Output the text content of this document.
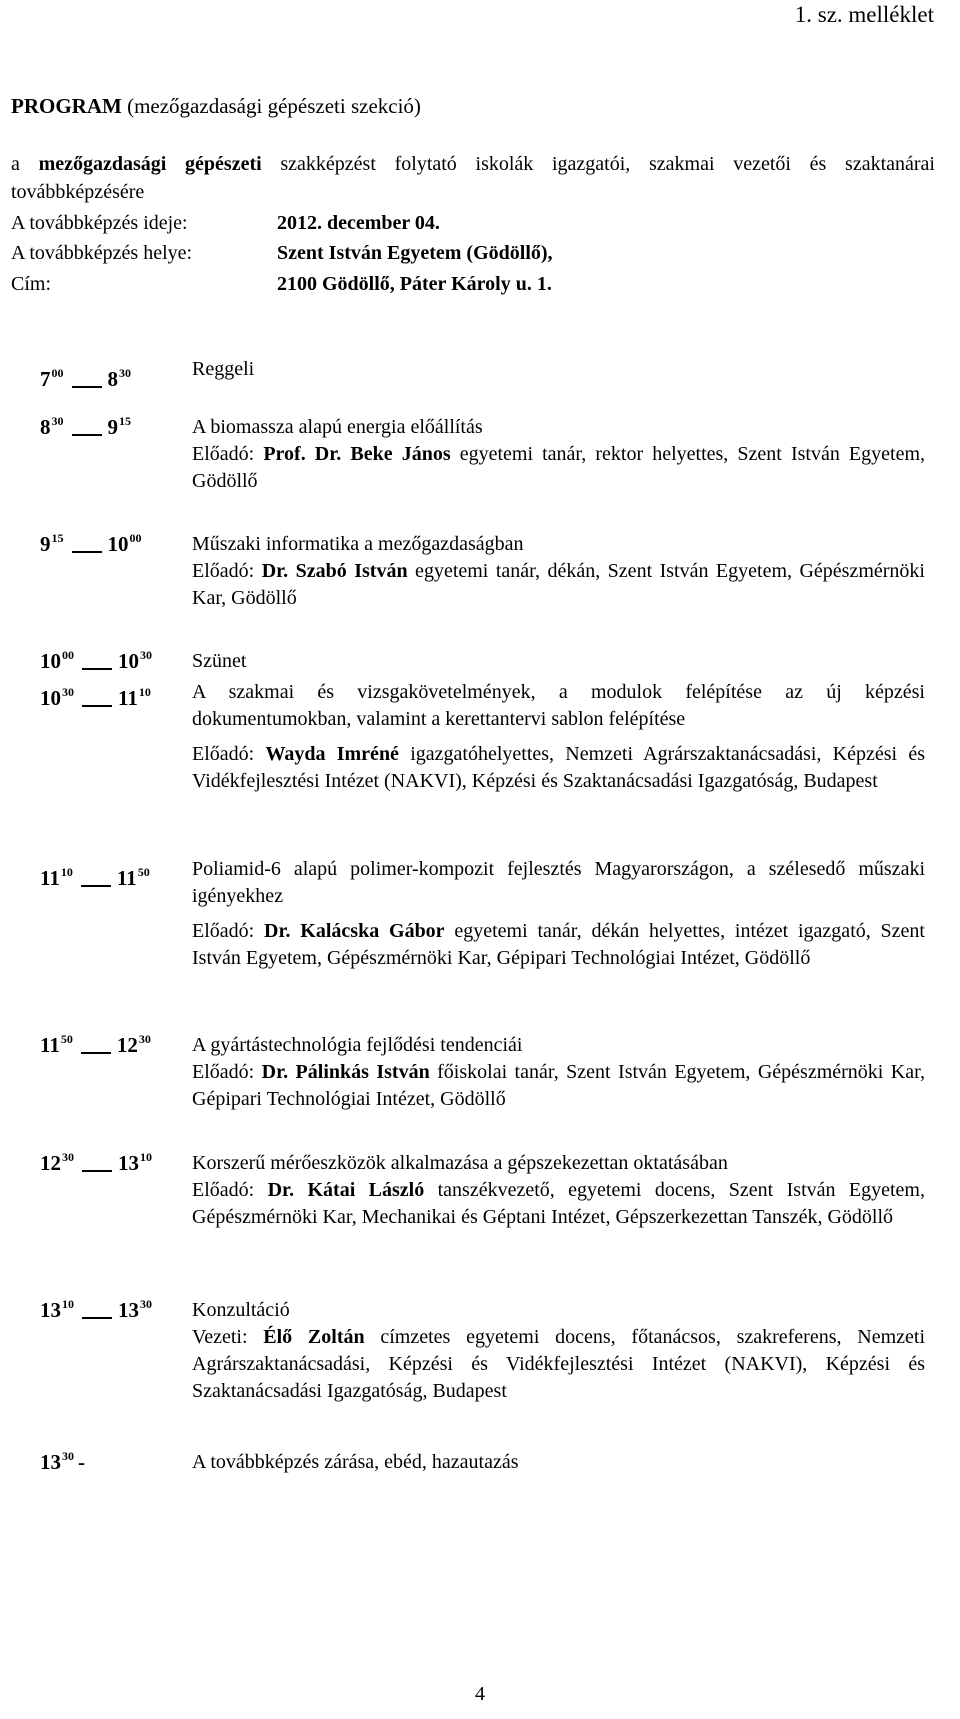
1. sz. melléklet
PROGRAM (mezőgazdasági gépészeti szekció)
a mezőgazdasági gépészeti szakképzést folytató iskolák igazgatói, szakmai vezetői és szaktanárai továbbképzésére
A továbbképzés ideje:	2012. december 04.
A továbbképzés helye:	Szent István Egyetem (Gödöllő),
Cím:	2100 Gödöllő, Páter Károly u. 1.
$7^{00}$ $8^{30}$	Reggeli
$8^{30}$ $9^{15}$	A biomassza alapú energia előállítás
Előadó: Prof. Dr. Beke János egyetemi tanár, rektor helyettes, Szent István Egyetem, Gödöllő
$9^{15}$ $10^{00}$	Műszaki informatika a mezőgazdaságban
Előadó: Dr. Szabó István egyetemi tanár, dékán, Szent István Egyetem, Gépészmérnöki Kar, Gödöllő
$10^{00}$ $10^{30}$ Szünet
$10^{30}$ $11^{10}$ A szakmai és vizsgakövetelmények, a modulok felépítése az új képzési dokumentumokban, valamint a kerettantervi sablon felépítése
Előadó: Wayda Imréné igazgatóhelyettes, Nemzeti Agrárszaktanácsadási, Képzési és Vidékfejlesztési Intézet (NAKVI), Képzési és Szaktanácsadási Igazgatóság, Budapest
$11^{10}$ $11^{50}$ Poliamid-6 alapú polimer-kompozit fejlesztés Magyarországon, a szélesedő műszaki igényekhez
Előadó: Dr. Kalácska Gábor egyetemi tanár, dékán helyettes, intézet igazgató, Szent István Egyetem, Gépészmérnöki Kar, Gépipari Technológiai Intézet, Gödöllő
$11^{50}$ $12^{30}$ A gyártástechnológia fejlődési tendenciái
Előadó: Dr. Pálinkás István főiskolai tanár, Szent István Egyetem, Gépészmérnöki Kar, Gépipari Technológiai Intézet, Gödöllő
$12^{30}$ $13^{10}$ Korszerű mérőeszközök alkalmazása a gépszekezettan oktatásában
Előadó: Dr. Kátai László tanszékvezető, egyetemi docens, Szent István Egyetem, Gépészmérnöki Kar, Mechanikai és Géptani Intézet, Gépszerkezettan Tanszék, Gödöllő
$13^{10}$ $13^{30}$ Konzultáció
Vezeti: Élő Zoltán címzetes egyetemi docens, főtanácsos, szakreferens, Nemzeti Agrárszaktanácsadási, Képzési és Vidékfejlesztési Intézet (NAKVI), Képzési és Szaktanácsadási Igazgatóság, Budapest
$13^{30}$ -	A továbbképzés zárása, ebéd, hazautazás
4
